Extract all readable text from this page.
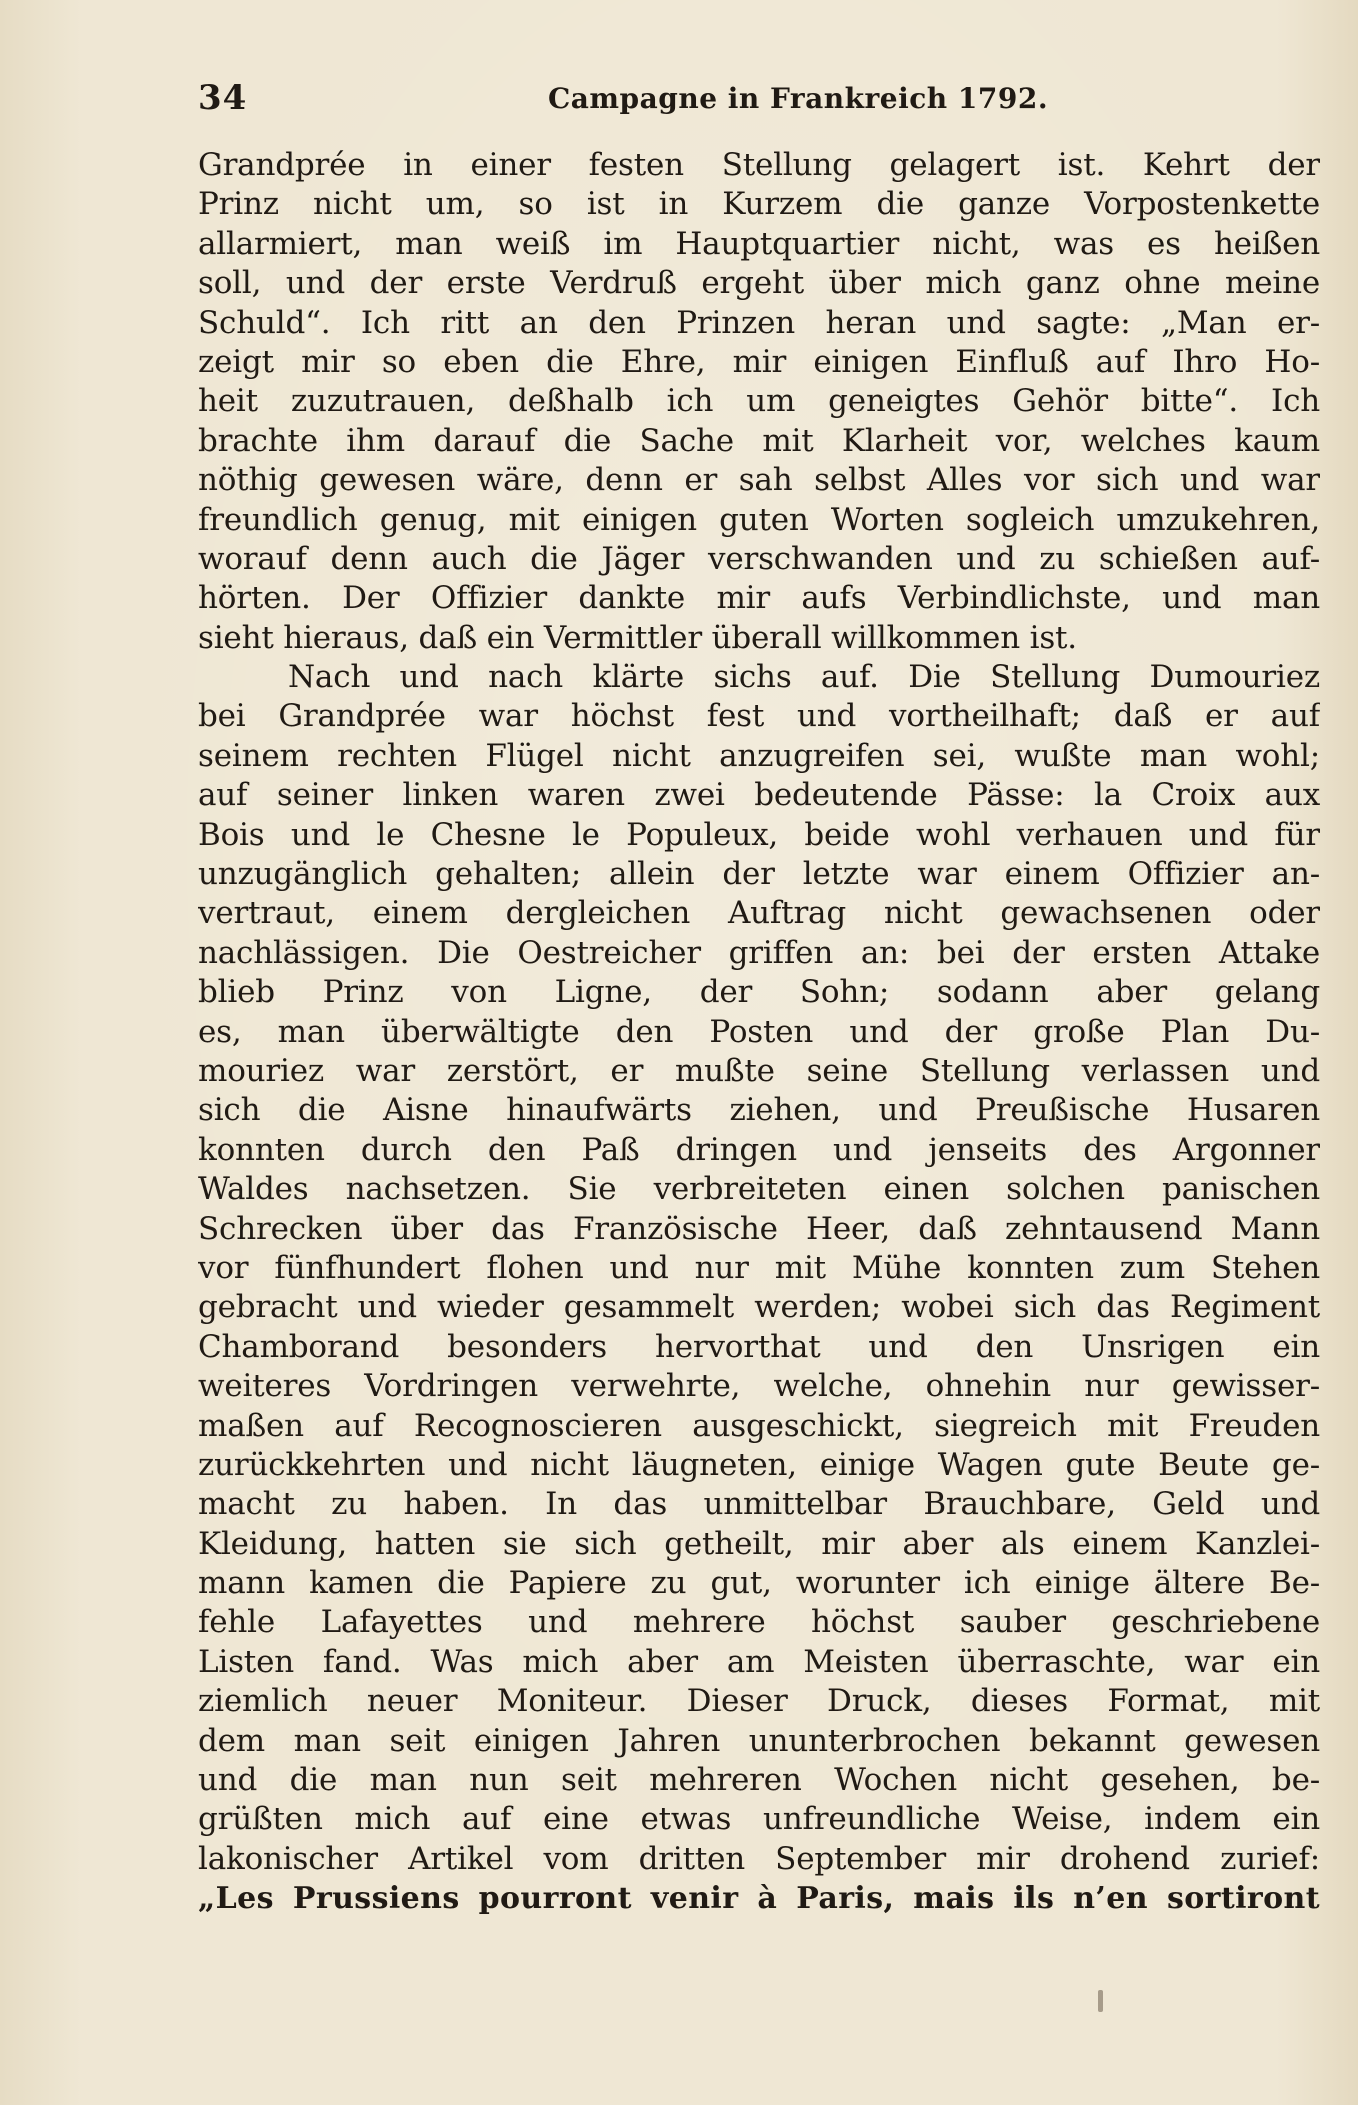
34	Campagne in Frankreich 1792.
Grandprée in einer festen Stellung gelagert ist. Kehrt der
Prinz nicht um, so ist in Kurzem die ganze Vorpostenkette
allarmiert, man weiß im Hauptquartier nicht, was es heißen
soll, und der erste Verdruß ergeht über mich ganz ohne meine
Schuld“. Ich ritt an den Prinzen heran und sagte: „Man er-
zeigt mir so eben die Ehre, mir einigen Einfluß auf Ihro Ho-
heit zuzutrauen, deßhalb ich um geneigtes Gehör bitte“. Ich
brachte ihm darauf die Sache mit Klarheit vor, welches kaum
nöthig gewesen wäre, denn er sah selbst Alles vor sich und war
freundlich genug, mit einigen guten Worten sogleich umzukehren,
worauf denn auch die Jäger verschwanden und zu schießen auf-
hörten. Der Offizier dankte mir aufs Verbindlichste, und man
sieht hieraus, daß ein Vermittler überall willkommen ist.
Nach und nach klärte sichs auf. Die Stellung Dumouriez
bei Grandprée war höchst fest und vortheilhaft; daß er auf
seinem rechten Flügel nicht anzugreifen sei, wußte man wohl;
auf seiner linken waren zwei bedeutende Pässe: la Croix aux
Bois und le Chesne le Populeux, beide wohl verhauen und für
unzugänglich gehalten; allein der letzte war einem Offizier an-
vertraut, einem dergleichen Auftrag nicht gewachsenen oder
nachlässigen. Die Oestreicher griffen an: bei der ersten Attake
blieb Prinz von Ligne, der Sohn; sodann aber gelang
es, man überwältigte den Posten und der große Plan Du-
mouriez war zerstört, er mußte seine Stellung verlassen und
sich die Aisne hinaufwärts ziehen, und Preußische Husaren
konnten durch den Paß dringen und jenseits des Argonner
Waldes nachsetzen. Sie verbreiteten einen solchen panischen
Schrecken über das Französische Heer, daß zehntausend Mann
vor fünfhundert flohen und nur mit Mühe konnten zum Stehen
gebracht und wieder gesammelt werden; wobei sich das Regiment
Chamborand besonders hervorthat und den Unsrigen ein
weiteres Vordringen verwehrte, welche, ohnehin nur gewisser-
maßen auf Recognoscieren ausgeschickt, siegreich mit Freuden
zurückkehrten und nicht läugneten, einige Wagen gute Beute ge-
macht zu haben. In das unmittelbar Brauchbare, Geld und
Kleidung, hatten sie sich getheilt, mir aber als einem Kanzlei-
mann kamen die Papiere zu gut, worunter ich einige ältere Be-
fehle Lafayettes und mehrere höchst sauber geschriebene
Listen fand. Was mich aber am Meisten überraschte, war ein
ziemlich neuer Moniteur. Dieser Druck, dieses Format, mit
dem man seit einigen Jahren ununterbrochen bekannt gewesen
und die man nun seit mehreren Wochen nicht gesehen, be-
grüßten mich auf eine etwas unfreundliche Weise, indem ein
lakonischer Artikel vom dritten September mir drohend zurief:
„Les Prussiens pourront venir à Paris, mais ils n’en sortiront
